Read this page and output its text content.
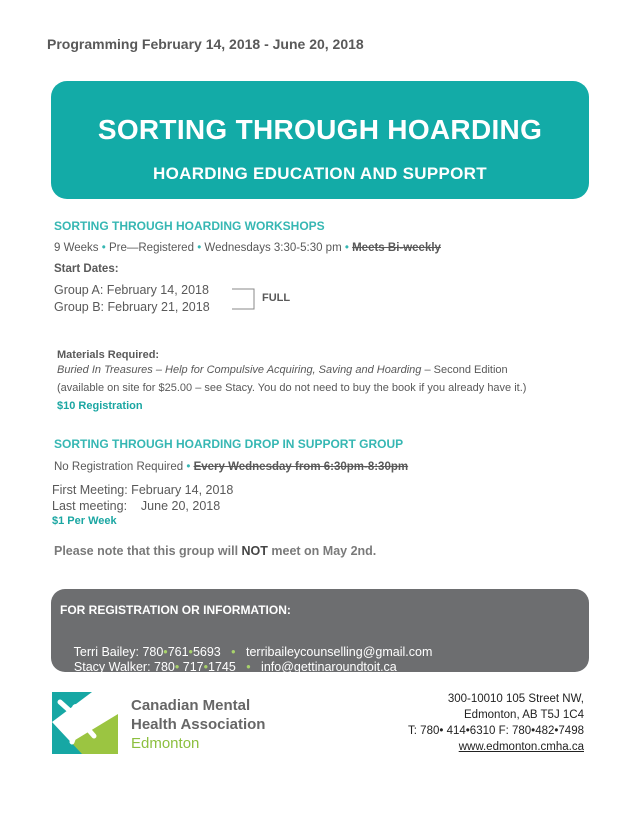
Programming February 14, 2018 - June 20, 2018
SORTING THROUGH HOARDING
HOARDING EDUCATION AND SUPPORT
SORTING THROUGH HOARDING WORKSHOPS
9 Weeks • Pre—Registered • Wednesdays 3:30-5:30 pm • Meets Bi-weekly
Start Dates:
Group A: February 14, 2018
Group B: February 21, 2018
FULL
Materials Required:
Buried In Treasures – Help for Compulsive Acquiring, Saving and Hoarding – Second Edition
(available on site for $25.00 – see Stacy. You do not need to buy the book if you already have it.)
$10 Registration
SORTING THROUGH HOARDING DROP IN SUPPORT GROUP
No Registration Required • Every Wednesday from 6:30pm-8:30pm
First Meeting: February 14, 2018
Last meeting:    June 20, 2018
$1 Per Week
Please note that this group will NOT meet on May 2nd.
FOR REGISTRATION OR INFORMATION:

Terri Bailey: 780•761•5693 • terribaileycounselling@gmail.com

Stacy Walker: 780• 717•1745 • info@gettinaroundtoit.ca

Canadian Mental
Health Association
Edmonton
300-10010 105 Street NW,
Edmonton, AB T5J 1C4
T: 780• 414•6310 F: 780•482•7498
www.edmonton.cmha.ca
